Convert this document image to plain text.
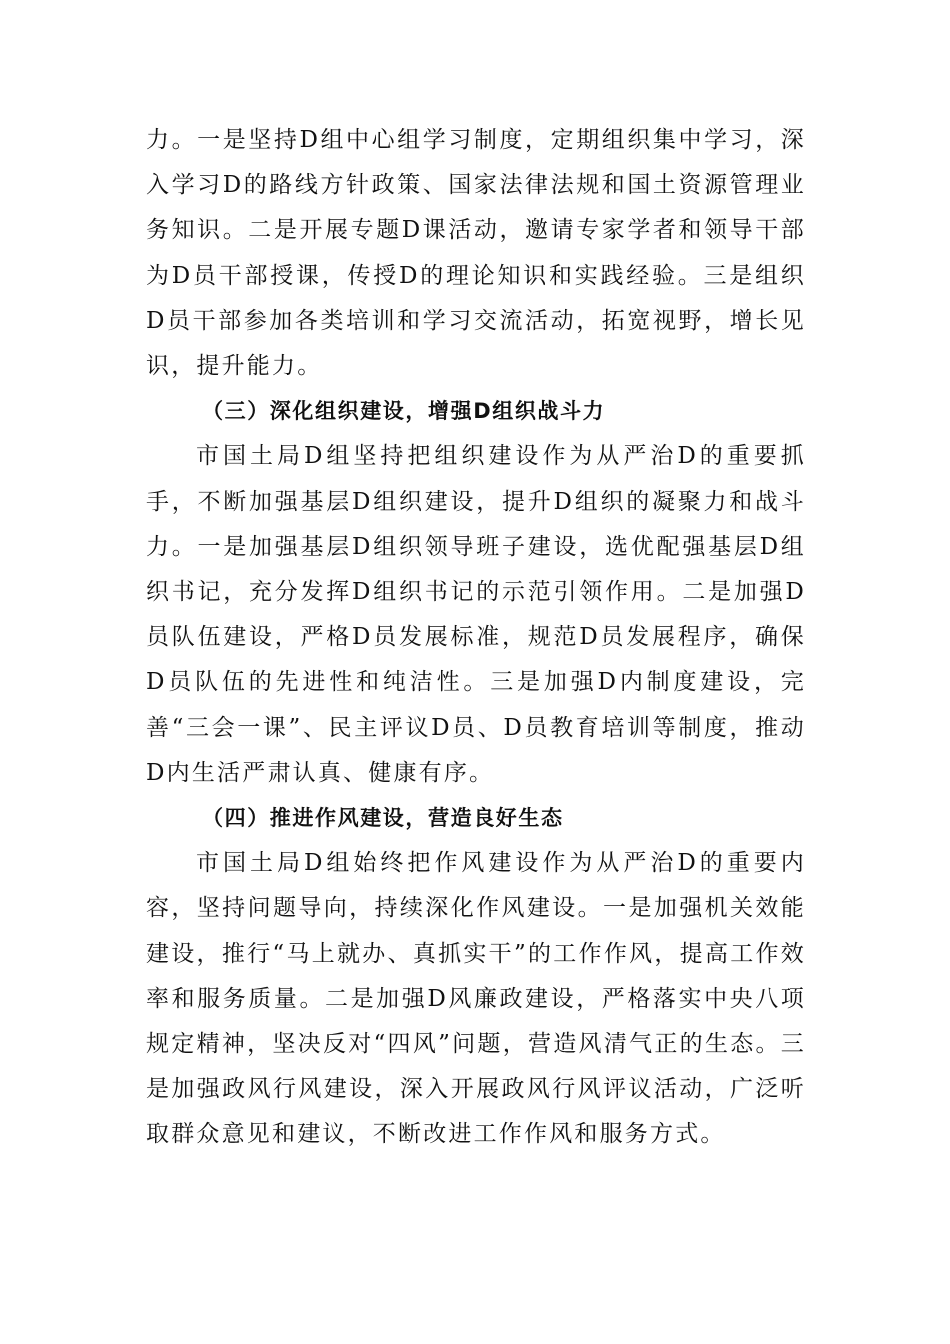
力。一是坚持D组中心组学习制度，定期组织集中学习，深入学习D的路线方针政策、国家法律法规和国土资源管理业务知识。二是开展专题D课活动，邀请专家学者和领导干部为D员干部授课，传授D的理论知识和实践经验。三是组织D员干部参加各类培训和学习交流活动，拓宽视野，增长见识，提升能力。

（三）深化组织建设，增强D组织战斗力

市国土局D组坚持把组织建设作为从严治D的重要抓手，不断加强基层D组织建设，提升D组织的凝聚力和战斗力。一是加强基层D组织领导班子建设，选优配强基层D组织书记，充分发挥D组织书记的示范引领作用。二是加强D员队伍建设，严格D员发展标准，规范D员发展程序，确保D员队伍的先进性和纯洁性。三是加强D内制度建设，完善“三会一课”、民主评议D员、D员教育培训等制度，推动D内生活严肃认真、健康有序。

（四）推进作风建设，营造良好生态

市国土局D组始终把作风建设作为从严治D的重要内容，坚持问题导向，持续深化作风建设。一是加强机关效能建设，推行“马上就办、真抓实干”的工作作风，提高工作效率和服务质量。二是加强D风廉政建设，严格落实中央八项规定精神，坚决反对“四风”问题，营造风清气正的生态。三是加强政风行风建设，深入开展政风行风评议活动，广泛听取群众意见和建议，不断改进工作作风和服务方式。
